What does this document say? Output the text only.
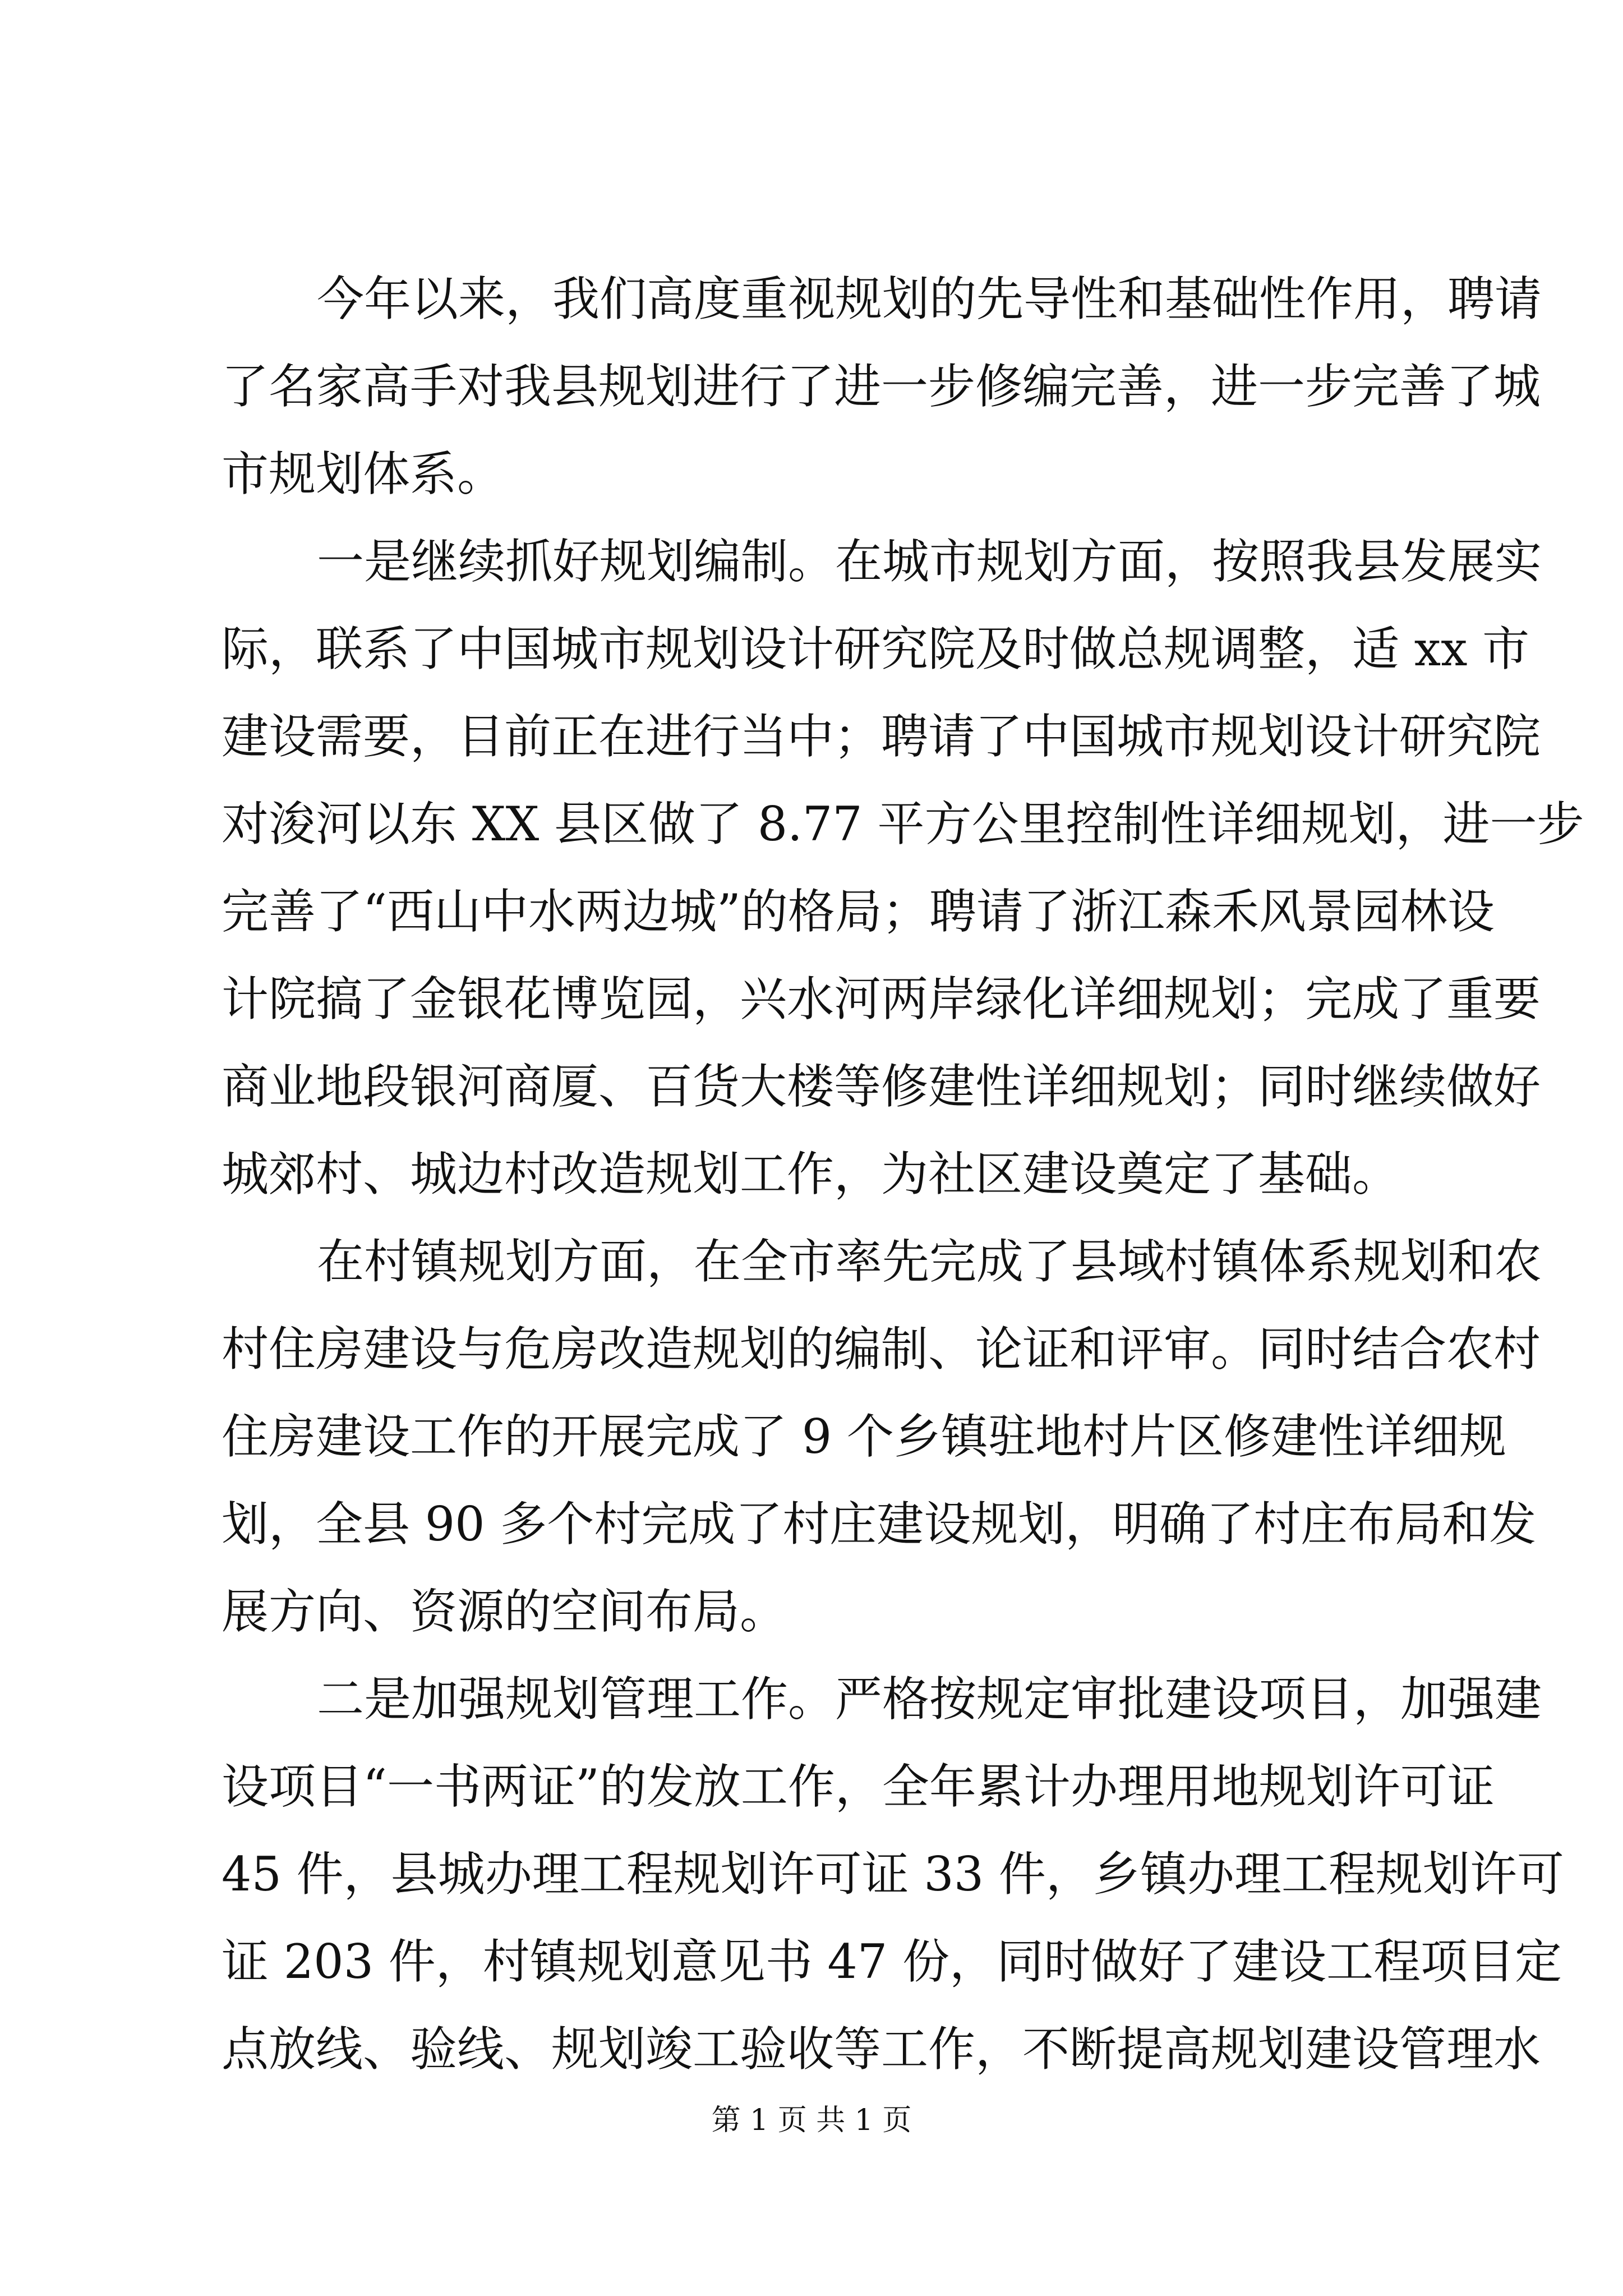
今年以来，我们高度重视规划的先导性和基础性作用，聘请
了名家高手对我县规划进行了进一步修编完善，进一步完善了城
市规划体系。
一是继续抓好规划编制。在城市规划方面，按照我县发展实
际，联系了中国城市规划设计研究院及时做总规调整，适 xx 市
建设需要，目前正在进行当中；聘请了中国城市规划设计研究院
对浚河以东 XX 县区做了 8.77 平方公里控制性详细规划，进一步
完善了“西山中水两边城”的格局；聘请了浙江森禾风景园林设
计院搞了金银花博览园，兴水河两岸绿化详细规划；完成了重要
商业地段银河商厦、百货大楼等修建性详细规划；同时继续做好
城郊村、城边村改造规划工作，为社区建设奠定了基础。
在村镇规划方面，在全市率先完成了县域村镇体系规划和农
村住房建设与危房改造规划的编制、论证和评审。同时结合农村
住房建设工作的开展完成了 9 个乡镇驻地村片区修建性详细规
划，全县 90 多个村完成了村庄建设规划，明确了村庄布局和发
展方向、资源的空间布局。
二是加强规划管理工作。严格按规定审批建设项目，加强建
设项目“一书两证”的发放工作，全年累计办理用地规划许可证
45 件，县城办理工程规划许可证 33 件，乡镇办理工程规划许可
证 203 件，村镇规划意见书 47 份，同时做好了建设工程项目定
点放线、验线、规划竣工验收等工作，不断提高规划建设管理水
第 1 页 共 1 页
